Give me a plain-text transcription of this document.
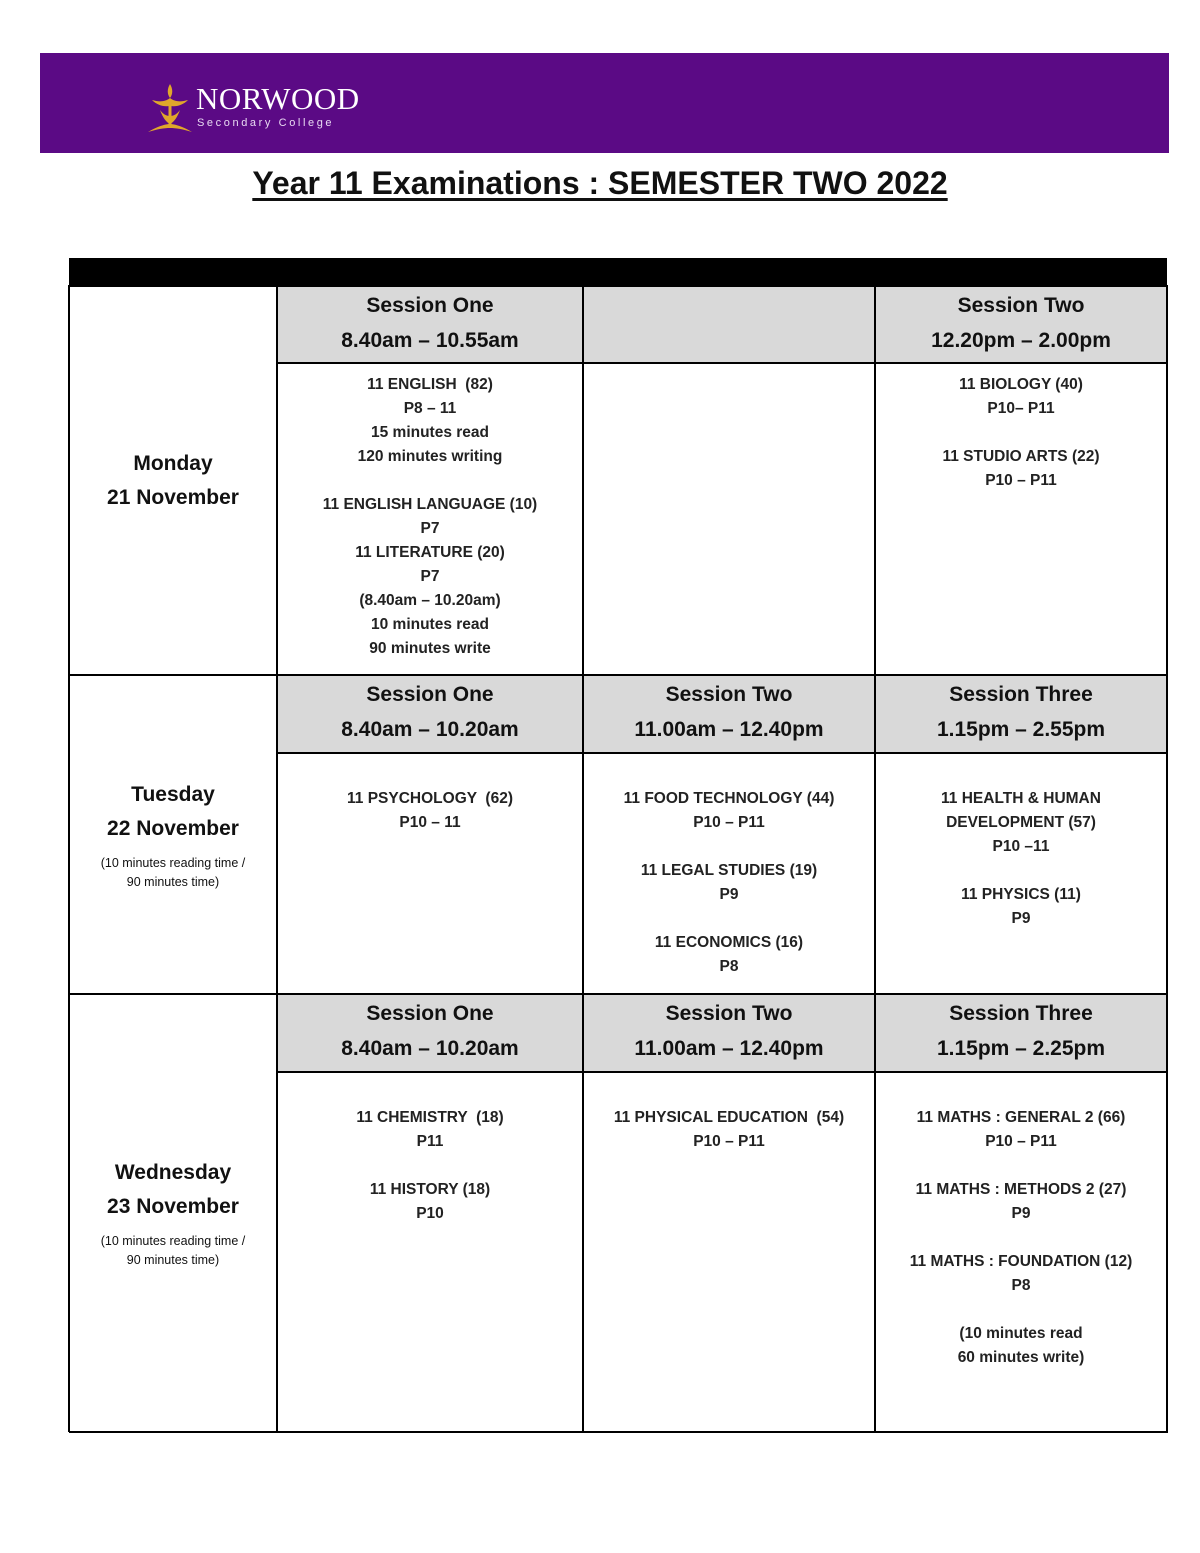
NORWOOD
Secondary College
Year 11 Examinations : SEMESTER TWO 2022
Monday
21 November
Session One
8.40am – 10.55am
11 ENGLISH  (82)
P8 – 11
15 minutes read
120 minutes writing
11 ENGLISH LANGUAGE (10)
P7
11 LITERATURE (20)
P7
(8.40am – 10.20am)
10 minutes read
90 minutes write
Session Two
12.20pm – 2.00pm
11 BIOLOGY (40)
P10– P11
11 STUDIO ARTS (22)
P10 – P11
Tuesday
22 November
(10 minutes reading time /
90 minutes time)
Session One
8.40am – 10.20am
11 PSYCHOLOGY  (62)
P10 – 11
Session Two
11.00am – 12.40pm
11 FOOD TECHNOLOGY (44)
P10 – P11
11 LEGAL STUDIES (19)
P9
11 ECONOMICS (16)
P8
Session Three
1.15pm – 2.55pm
11 HEALTH & HUMAN
DEVELOPMENT (57)
P10 –11
11 PHYSICS (11)
P9
Wednesday
23 November
(10 minutes reading time /
90 minutes time)
Session One
8.40am – 10.20am
11 CHEMISTRY  (18)
P11
11 HISTORY (18)
P10
Session Two
11.00am – 12.40pm
11 PHYSICAL EDUCATION  (54)
P10 – P11
Session Three
1.15pm – 2.25pm
11 MATHS : GENERAL 2 (66)
P10 – P11
11 MATHS : METHODS 2 (27)
P9
11 MATHS : FOUNDATION (12)
P8
(10 minutes read
60 minutes write)
